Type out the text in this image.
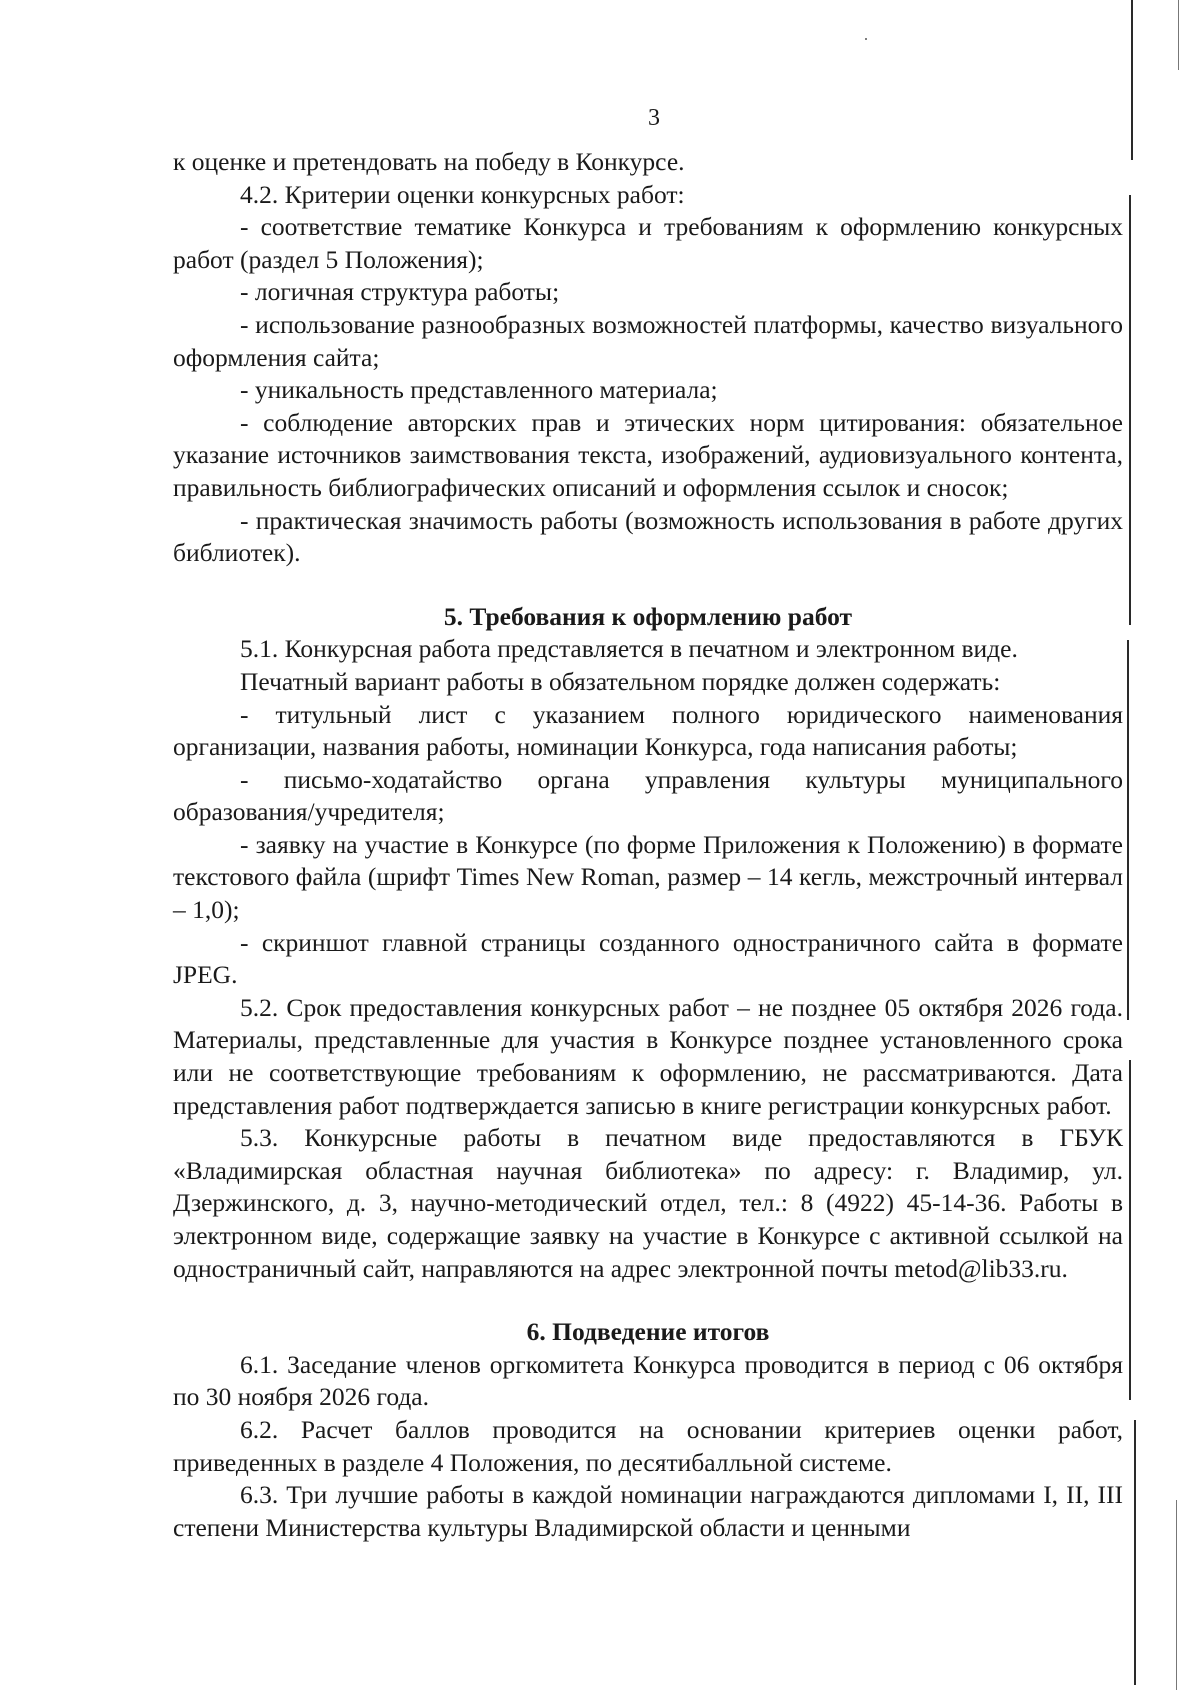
3

к оценке и претендовать на победу в Конкурсе.

4.2. Критерии оценки конкурсных работ:

- соответствие тематике Конкурса и требованиям к оформлению конкурсных работ (раздел 5 Положения);

- логичная структура работы;

- использование разнообразных возможностей платформы, качество визуального оформления сайта;

- уникальность представленного материала;

- соблюдение авторских прав и этических норм цитирования: обязательное указание источников заимствования текста, изображений, аудиовизуального контента, правильность библиографических описаний и оформления ссылок и сносок;

- практическая значимость работы (возможность использования в работе других библиотек).

5. Требования к оформлению работ

5.1. Конкурсная работа представляется в печатном и электронном виде.

Печатный вариант работы в обязательном порядке должен содержать:

- титульный лист с указанием полного юридического наименования организации, названия работы, номинации Конкурса, года написания работы;

- письмо-ходатайство органа управления культуры муниципального образования/учредителя;

- заявку на участие в Конкурсе (по форме Приложения к Положению) в формате текстового файла (шрифт Times New Roman, размер – 14 кегль, межстрочный интервал – 1,0);

- скриншот главной страницы созданного одностраничного сайта в формате JPEG.

5.2. Срок предоставления конкурсных работ – не позднее 05 октября 2026 года. Материалы, представленные для участия в Конкурсе позднее установленного срока или не соответствующие требованиям к оформлению, не рассматриваются. Дата представления работ подтверждается записью в книге регистрации конкурсных работ.

5.3. Конкурсные работы в печатном виде предоставляются в ГБУК «Владимирская областная научная библиотека» по адресу: г. Владимир, ул. Дзержинского, д. 3, научно-методический отдел, тел.: 8 (4922) 45-14-36. Работы в электронном виде, содержащие заявку на участие в Конкурсе с активной ссылкой на одностраничный сайт, направляются на адрес электронной почты metod@lib33.ru.

6. Подведение итогов

6.1. Заседание членов оргкомитета Конкурса проводится в период с 06 октября по 30 ноября 2026 года.

6.2. Расчет баллов проводится на основании критериев оценки работ, приведенных в разделе 4 Положения, по десятибалльной системе.

6.3. Три лучшие работы в каждой номинации награждаются дипломами I, II, III степени Министерства культуры Владимирской области и ценными
